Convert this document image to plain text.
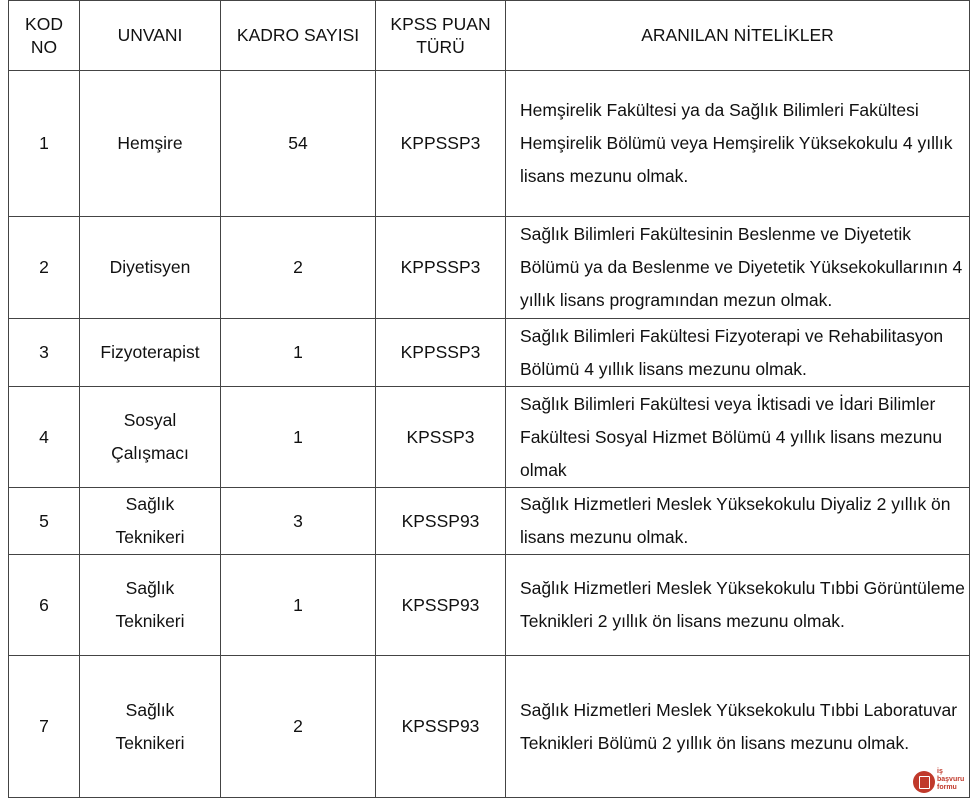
KOD NO	UNVANI	KADRO SAYISI	KPSS PUAN TÜRÜ	ARANILAN NİTELİKLER
1	Hemşire	54	KPPSSP3	Hemşirelik Fakültesi ya da Sağlık Bilimleri Fakültesi Hemşirelik Bölümü veya Hemşirelik Yüksekokulu 4 yıllık lisans mezunu olmak.
2	Diyetisyen	2	KPPSSP3	Sağlık Bilimleri Fakültesinin Beslenme ve Diyetetik Bölümü ya da Beslenme ve Diyetetik Yüksekokullarının 4 yıllık lisans programından mezun olmak.
3	Fizyoterapist	1	KPPSSP3	Sağlık Bilimleri Fakültesi Fizyoterapi ve Rehabilitasyon Bölümü 4 yıllık lisans mezunu olmak.
4	Sosyal Çalışmacı	1	KPSSP3	Sağlık Bilimleri Fakültesi veya İktisadi ve İdari Bilimler Fakültesi Sosyal Hizmet Bölümü 4 yıllık lisans mezunu olmak
5	Sağlık Teknikeri	3	KPSSP93	Sağlık Hizmetleri Meslek Yüksekokulu Diyaliz 2 yıllık ön lisans mezunu olmak.
6	Sağlık Teknikeri	1	KPSSP93	Sağlık Hizmetleri Meslek Yüksekokulu Tıbbi Görüntüleme Teknikleri 2 yıllık ön lisans mezunu olmak.
7	Sağlık Teknikeri	2	KPSSP93	Sağlık Hizmetleri Meslek Yüksekokulu Tıbbi Laboratuvar Teknikleri Bölümü 2 yıllık ön lisans mezunu olmak.
iş
başvuru
formu
